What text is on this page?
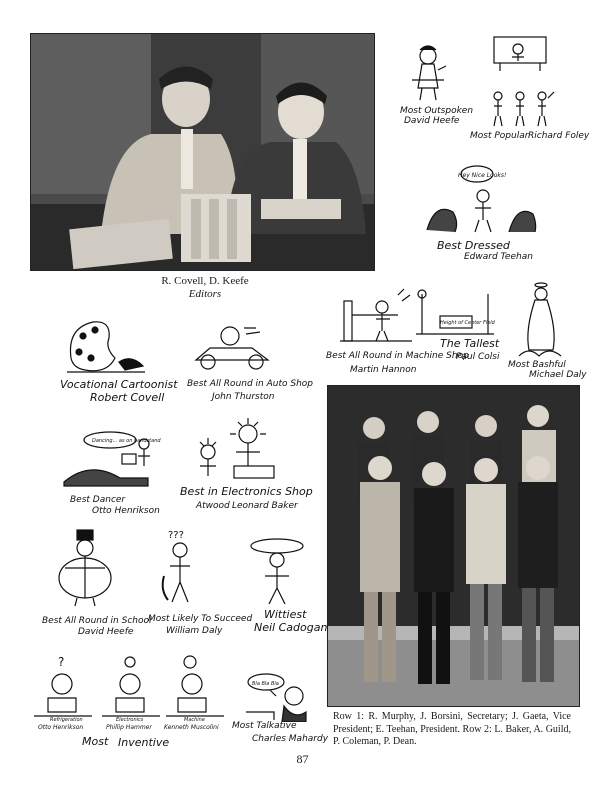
R. Covell, D. Keefe
Editors
Most Outspoken
David Heefe
Most Popular Richard Foley
Hey Nice Looks!
Best Dressed
Edward Teehan
Height of Center Field
Best All Round in Machine Shop
Martin Hannon
The Tallest
Paul Colsi
Most Bashful
Michael Daly
Vocational Cartoonist
Robert Covell
Best All Round in Auto Shop
John Thurston
Dancing... as on bandstand
Best Dancer
Otto Henrikson
Best in Electronics Shop
Atwood Leonard Baker
Best All Round in School
David Heefe
???
Most Likely To Succeed
William Daly
Wittiest
Neil Cadogan
?
Refrigeration	Electronics	Machine
Otto Henrikson	Phillip Hammer Kenneth Muscolini
Most Inventive
Bla Bla Bla
Most Talkative
Charles Mahardy
Row 1: R. Murphy, J. Borsini, Secretary; J. Gaeta, Vice President; E. Teehan, President. Row 2: L. Baker, A. Guild, P. Coleman, P. Dean.
87
